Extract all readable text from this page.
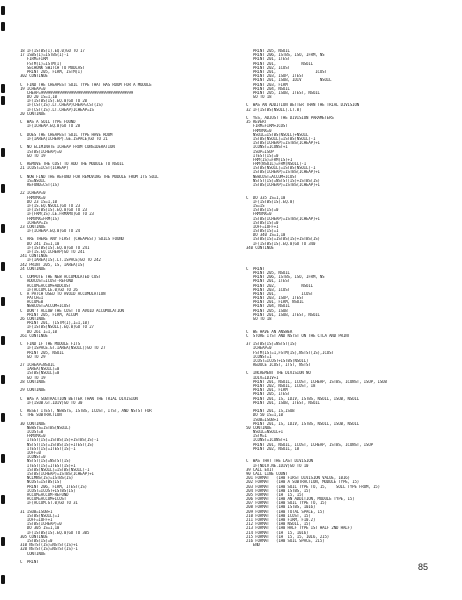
18 IF(ISTBS(I).EQ.0)GO TO 17
17 ISBS(I)=ISTBS(I)-1
FIRM=FIRM
FSTM(I)=ISTM(I)
SECHUNK SWITCH TO MODLAST
PRINT 205, FIRM, ISTM(I)
302 CONTINUE
C  FIND THE CHEAPEST SOIL TYPE THAT HAS ROOM FOR A MODULE
19 ICHEAP=0
CHEAP=9999999999999999999999999999999999999999
DO 20 IS=1,10
IF(ISTBS(IS).EQ.0)GO TO 20
IF(CST(IS).LT.CHEAP)CHEAP=CST(IS)
IF(CST(IS).LT.CHEAP)ICHEAP=IS
20 CONTINUE
C  WAS A SOIL TYPE FOUND
IF(ICHEAP.EQ.0)GO TO 28
C  DOES THE CHEAPEST SOIL TYPE HAVE ROOM
IF(IAREA(ICHEAP).GE.ISPACE)GO TO 21
C  NO ELIMINATE ICHEAP FROM CONSIDERATION
ISTBS(ICHEAP)=0
GO TO 19
C  REMOVE THE COST TO ADD THE MODULE TO NSOIL
21 ICOST=ICST(ICHEAP)
C  NOW FIND THE REFUND FOR REMOVING THE MODULE FROM ITS SOIL
IS=NSOIL
REFUND=CST(IS)
22 ICHEAP=0
FRMXMX=0
DO 23 IS=1,10
IF(IS.EQ.NSOIL)GO TO 23
IF(ISTBS(IS).EQ.0)GO TO 23
IF(FRM(IS).LE.FRMXMX)GO TO 23
FRMXMX=FRM(IS)
ICHEAP=IS
23 CONTINUE
IF(ICHEAP.EQ.0)GO TO 24
C  ARE THERE ANY FIRST (CHEAPEST) SOILS FOUND
DO 241 IS=1,10
IF(ISTBS(IS).EQ.0)GO TO 241
IF(IS.EQ.ICHEAP)GO TO 241
241 CONTINUE
IF(IAREA(IS).LT.ISPACE)GO TO 242
242 PRINT 205, IS, IAREA(IS)
24 CONTINUE
C  COMPUTE THE NEW ACCUMULATED COST
ADDCOST=ICOST-REFUND
ACCUM=ACCUM+ADDCOST
IF(ACCUM.LE.0)GO TO 26
C  A PATCH USED TO AVOID ACCUMULATION
PATCH=1
ACCUM=0
NEWCOST=ACCUM+ICOST
C  DON'T ALLOW THE COST TO AVOID ACCUMULATION
PRINT 205, FIRM, ACCUM
26 CONTINUE
PRINT 201, (ISTM(I),I=1,10)
IF(ISTBS(NSOIL).EQ.0)GO TO 27
DO 261 I=1,10
261 CONTINUE
C  FIND IF THE MODULE FITS
IF(ISPACE.GT.IAREA(NSOIL))GO TO 27
PRINT 205, NSOIL
GO TO 29
27 ICHEAP=NSOIL
IAREA(NSOIL)=0
ISTBS(NSOIL)=0
GO TO 19
28 CONTINUE
29 CONTINUE
C  WAS A SUBTRACTION BETTER THAN THE TRIAL DIVISION
IF(ISUB.GT.IDIV)GO TO 30
C  RESET ITEST, NEWSTS, ISTBS, ICOST, ITST, AND NSTST FOR
C  THE SUBTRACTION
30 CONTINUE
NEWSTS=ISTBS(NSOIL)
ICOST=0
FRMXMX=0
ITEST(IS)=ISTBS(IS)+ISTBS(IS)-1
NSTST(IS)=ISTBS(IS)+ITEST(IS)
ITEST(IS)=ITEST(IS)-1
IOFF=0
ICONST=0
NSTST(IS)=NSTST(IS)
ITEST(IS)=ITEST(IS)+1
ISTBS(NSOIL)=ISTBS(NSOIL)-1
ISTBS(ICHEAP)=ISTBS(ICHEAP)+1
NCLMNS(IS)=ISTBS(IS)
NCOST=ISTBS(IS)
PRINT 206, FIRM, ITEST(IS)
ICOST=ICOST+ISTBS(IS)
ACCUM=ACCUM-REFUND
ACCUM=ACCUM+ICOST
IF(ACCUM.GT.0)GO TO 31
31 ISUB=ISUB+1
ISTBS(NSOIL)=1
IOFF=IOFF+1
ISTBS(ICHEAP)=0
DO 305 IS=1,10
IF(ISTBS(IS).EQ.0)GO TO 305
305 CONTINUE
ISTBS(IS)=0
310 NSTST(IS)=NSTST(IS)+1
320 NSTST(IS)=NSTST(IS)-1
CONTINUE
C  PRINT
PRINT 205, NSOIL
PRINT 206, ISTBS, ISO, IFRM, NS
PRINT 201, ITEST
PRINT 201,           NSOIL
PRINT 202, ICOST
PRINT 201,                 ICOST
PRINT 203, ISUP, ITEST
PRINT 201, ISUB, IDIV        NSOIL
PRINT 203, FIRM
PRINT 204, NSOIL
PRINT 205, ISUB, ITEST, NSOIL
GO TO 18
C  WAS AN ADDITION BETTER THAN THE TRIAL DIVISION
32 IF(ISTBS(NSOIL).LT.0)
C  YES, ADJUST THE DIVISION PARAMETERS
35 REVERT
FIRM=FIRM+ICOST
FRMXMX=0
NSOIL=ISTBS(NSOIL)+NSOIL
ISTBS(NSOIL)=ISTBS(NSOIL)-1
ISTBS(ICHEAP)=ISTBS(ICHEAP)+1
ICONST=ICONST+1
ISUP=ISUP
ITEST(IS)=0
FRM(IS)=FRM(IS)+1
FRM(NSOIL)=FRM(NSOIL)-1
ISTBS(NSOIL)=ISTBS(NSOIL)-1
ISTBS(ICHEAP)=ISTBS(ICHEAP)+1
NEWCOST=ACCUM+ICOST
NSTST(IS)=NSTST(IS)+ISTBS(IS)
ISTBS(ICHEAP)=ISTBS(ICHEAP)+1
C  DO 335 IS=1,10
IF(ISTBS(IS).EQ.0)
IS=IS
ISTBS(IS)=0
FRMXMX=0
ISTBS(ICHEAP)=ISTBS(ICHEAP)+1
ISTBS(IS)=0
IOFF=IOFF+1
ISTBS(IS)=1
DO 340 IS=1,10
ISTBS(IS)=ISTBS(IS)+ISTBS(IS)
IF(ISTBS(IS).EQ.0)GO TO 340
340 CONTINUE
C  PRINT
PRINT 205, NSOIL
PRINT 206, ISTBS, ISO, IFRM, NS
PRINT 201, ITEST
PRINT 202,           NSOIL
PRINT 203, ICOST
PRINT 201,           ICOST
PRINT 203, ISUP, ITEST
PRINT 201, FIRM, NSOIL
PRINT 204, NSOIL
PRINT 205, ISUB
PRINT 201, ISUB, ITEST, NSOIL
GO TO 18
C  WE HAVE AN ANSWER
C  STORE ITST AND NSTST ON THE CTLA AND PRINT
37 ISTBS(IS)=NSTST(IS)
ICHEAP=0
FSTM(IS)=1,FSTM(IS),NSTST(IS),ICOST
ICONST=1
ICOST=ICOST+ISTBS(NSOIL)
REDUCE ICOST, ITST, NSTST
C  INCREMENT THE DIVISION NO
IDIV=IDIV+1
PRINT 201, NSOIL, ICOST, ICHEAP, ISTBS, ICONST, ISUP, ISUB
PRINT 202, NSOIL, ICOST, 18
PRINT 201, FIRM
PRINT 205, ITEST
PRINT 201, IS, IDIV, ISTBS, NSOIL, ISUB, NSOIL
PRINT 201, ISUB, ITEST, NSOIL
PRINT 201, IS,ISUB
DO 50 IS=1,10
ISUB=ISUB+1
PRINT 201, IS, IDIV, ISTBS, NSOIL, ISUB, NSOIL
50 CONTINUE
NSOIL=NSOIL+1
ISTM=1
ICONST=ICONST+1
PRINT 201, NSOIL, ICOST, ICHEAP, ISTBS, ICONST, ISUP
PRINT 202, NSOIL, 18
C  WAS THAT THE LAST DIVISION
IF(NDIV.NE.IDIV)GO TO 10
39 CALL EXIT
90 CALL LINE COUNT
201 FORMAT   (1H0 FIRST DIVISION VALUE, 10I6)
202 FORMAT   (1H0 A SUBTRACTION, MODULE TYPE, 15)
203 FORMAT   (1H0 SOIL TYPE TO, 15,    SOIL TYPE FROM, 15)
204 FORMAT   (1H0 ISTBS, 15)
205 FORMAT   (1H  15, 15)
206 FORMAT   (1H0 AN ADDITION, MODULE TYPE, 15)
207 FORMAT   (1H0 SOIL TYPE TO, 15)
208 FORMAT   (1H0 ISTBS, 10I6)
209 FORMAT   (1H0 TOTAL SPACE, 15)
210 FORMAT   (1H0 ICOST, 15)
211 FORMAT   (1H0 FIRM, F10.2)
212 FORMAT   (1H0 NSOIL, 15)
213 FORMAT   (1H0 HALF TYPE 1ST HALF 2ND HALF)
214 FORMAT   (1H  15, 10I6)
215 FORMAT   (1H  15, 15, 10I6, 2I5)
216 FORMAT   (1H0 SOIL SPACE, 2I5)
END
85
